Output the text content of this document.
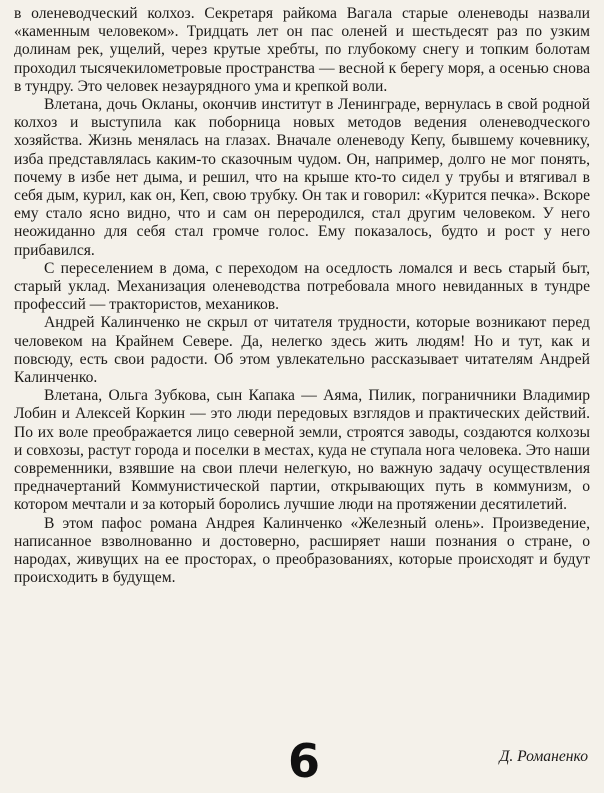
в оленеводческий колхоз. Секретаря райкома Вагала старые оленеводы назвали «каменным человеком». Тридцать лет он пас оленей и шестьдесят раз по узким долинам рек, ущелий, через крутые хребты, по глубокому снегу и топким болотам проходил тысячекилометровые пространства — весной к берегу моря, а осенью снова в тундру. Это человек незаурядного ума и крепкой воли.

Влетана, дочь Окланы, окончив институт в Ленинграде, вернулась в свой родной колхоз и выступила как поборница новых методов ведения оленеводческого хозяйства. Жизнь менялась на глазах. Вначале оленеводу Кепу, бывшему кочевнику, изба представлялась каким-то сказочным чудом. Он, например, долго не мог понять, почему в избе нет дыма, и решил, что на крыше кто-то сидел у трубы и втягивал в себя дым, курил, как он, Кеп, свою трубку. Он так и говорил: «Курится печка». Вскоре ему стало ясно видно, что и сам он переродился, стал другим человеком. У него неожиданно для себя стал громче голос. Ему показалось, будто и рост у него прибавился.

С переселением в дома, с переходом на оседлость ломался и весь старый быт, старый уклад. Механизация оленеводства потребовала много невиданных в тундре профессий — трактористов, механиков.

Андрей Калинченко не скрыл от читателя трудности, которые возникают перед человеком на Крайнем Севере. Да, нелегко здесь жить людям! Но и тут, как и повсюду, есть свои радости. Об этом увлекательно рассказывает читателям Андрей Калинченко.

Влетана, Ольга Зубкова, сын Капака — Аяма, Пилик, пограничники Владимир Лобин и Алексей Коркин — это люди передовых взглядов и практических действий. По их воле преображается лицо северной земли, строятся заводы, создаются колхозы и совхозы, растут города и поселки в местах, куда не ступала нога человека. Это наши современники, взявшие на свои плечи нелегкую, но важную задачу осуществления предначертаний Коммунистической партии, открывающих путь в коммунизм, о котором мечтали и за который боролись лучшие люди на протяжении десятилетий.

В этом пафос романа Андрея Калинченко «Железный олень». Произведение, написанное взволнованно и достоверно, расширяет наши познания о стране, о народах, живущих на ее просторах, о преобразованиях, которые происходят и будут происходить в будущем.

6	Д. Романенко
